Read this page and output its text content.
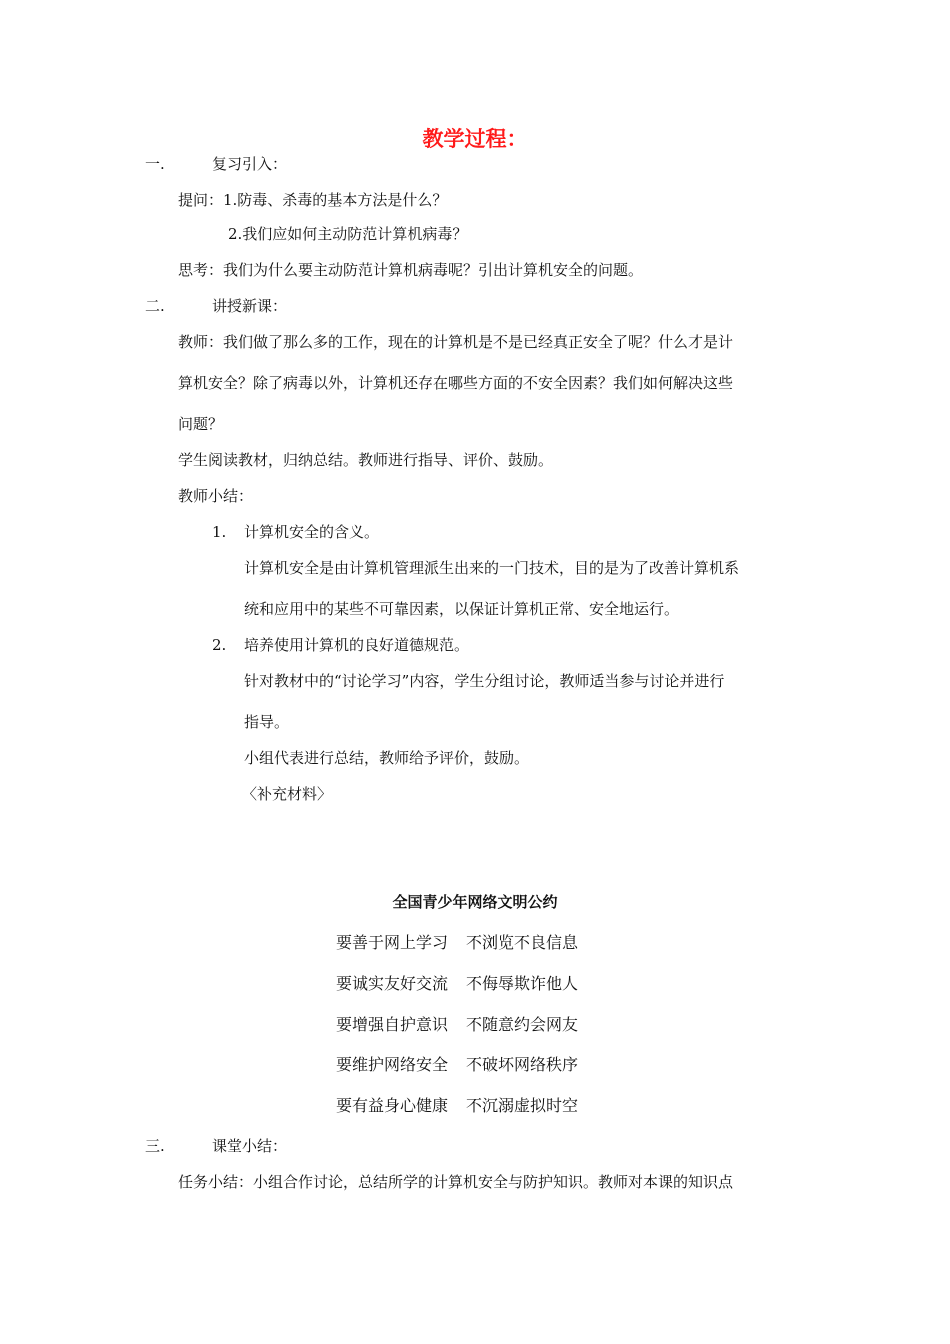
教学过程：
一.	复习引入：
提问：1.防毒、杀毒的基本方法是什么？
2.我们应如何主动防范计算机病毒？
思考：我们为什么要主动防范计算机病毒呢？引出计算机安全的问题。
二.	讲授新课：
教师：我们做了那么多的工作，现在的计算机是不是已经真正安全了呢？什么才是计
算机安全？除了病毒以外，计算机还存在哪些方面的不安全因素？我们如何解决这些
问题？
学生阅读教材，归纳总结。教师进行指导、评价、鼓励。
教师小结：
1. 计算机安全的含义。
计算机安全是由计算机管理派生出来的一门技术，目的是为了改善计算机系
统和应用中的某些不可靠因素，以保证计算机正常、安全地运行。
2. 培养使用计算机的良好道德规范。
针对教材中的“讨论学习”内容，学生分组讨论，教师适当参与讨论并进行
指导。
小组代表进行总结，教师给予评价，鼓励。
〈补充材料〉
全国青少年网络文明公约
要善于网上学习 不浏览不良信息
要诚实友好交流 不侮辱欺诈他人
要增强自护意识 不随意约会网友
要维护网络安全 不破坏网络秩序
要有益身心健康 不沉溺虚拟时空
三.	课堂小结：
任务小结：小组合作讨论，总结所学的计算机安全与防护知识。教师对本课的知识点
